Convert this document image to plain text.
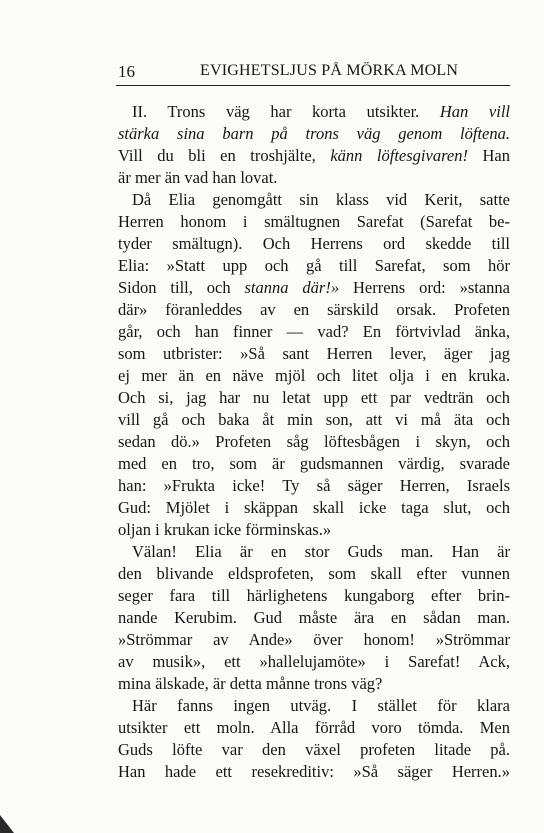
16	EVIGHETSLJUS PÅ MÖRKA MOLN
II. Trons väg har korta utsikter. Han vill
stärka sina barn på trons väg genom löftena.
Vill du bli en troshjälte, känn löftesgivaren! Han
är mer än vad han lovat.
Då Elia genomgått sin klass vid Kerit, satte
Herren honom i smältugnen Sarefat (Sarefat be-
tyder smältugn). Och Herrens ord skedde till
Elia: »Statt upp och gå till Sarefat, som hör
Sidon till, och stanna där!» Herrens ord: »stanna
där» föranleddes av en särskild orsak. Profeten
går, och han finner — vad? En förtvivlad änka,
som utbrister: »Så sant Herren lever, äger jag
ej mer än en näve mjöl och litet olja i en kruka.
Och si, jag har nu letat upp ett par vedträn och
vill gå och baka åt min son, att vi må äta och
sedan dö.» Profeten såg löftesbågen i skyn, och
med en tro, som är gudsmannen värdig, svarade
han: »Frukta icke! Ty så säger Herren, Israels
Gud: Mjölet i skäppan skall icke taga slut, och
oljan i krukan icke förminskas.»
Välan! Elia är en stor Guds man. Han är
den blivande eldsprofeten, som skall efter vunnen
seger fara till härlighetens kungaborg efter brin-
nande Kerubim. Gud måste ära en sådan man.
»Strömmar av Ande» över honom! »Strömmar
av musik», ett »hallelujamöte» i Sarefat! Ack,
mina älskade, är detta månne trons väg?
Här fanns ingen utväg. I stället för klara
utsikter ett moln. Alla förråd voro tömda. Men
Guds löfte var den växel profeten litade på.
Han hade ett resekreditiv: »Så säger Herren.»
